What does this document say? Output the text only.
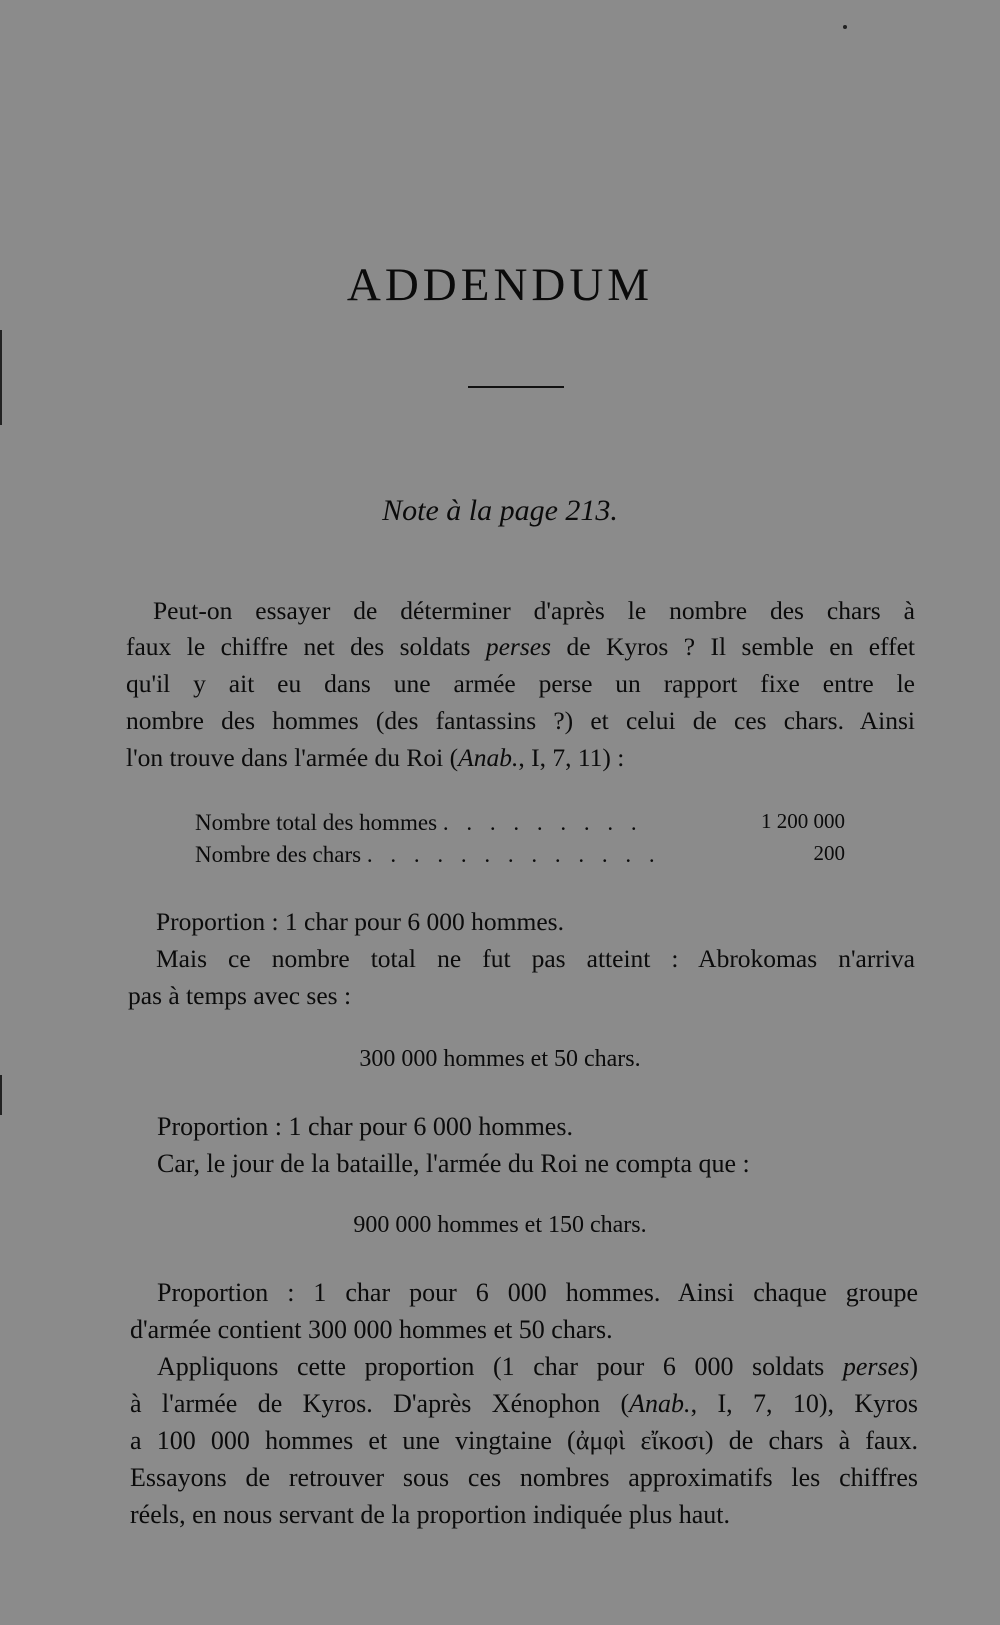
ADDENDUM
Note à la page 213.
Peut-on essayer de déterminer d'après le nombre des chars à
faux le chiffre net des soldats perses de Kyros ? Il semble en effet
qu'il y ait eu dans une armée perse un rapport fixe entre le
nombre des hommes (des fantassins ?) et celui de ces chars. Ainsi
l'on trouve dans l'armée du Roi (Anab., I, 7, 11) :
Nombre total des hommes . . . . . . . . .	1 200 000
Nombre des chars . . . . . . . . . . . . .	200
Proportion : 1 char pour 6 000 hommes.
Mais ce nombre total ne fut pas atteint : Abrokomas n'arriva
pas à temps avec ses :
300 000 hommes et 50 chars.
Proportion : 1 char pour 6 000 hommes.
Car, le jour de la bataille, l'armée du Roi ne compta que :
900 000 hommes et 150 chars.
Proportion : 1 char pour 6 000 hommes. Ainsi chaque groupe
d'armée contient 300 000 hommes et 50 chars.
Appliquons cette proportion (1 char pour 6 000 soldats perses)
à l'armée de Kyros. D'après Xénophon (Anab., I, 7, 10), Kyros
a 100 000 hommes et une vingtaine (ἀμφὶ εἴκοσι) de chars à faux.
Essayons de retrouver sous ces nombres approximatifs les chiffres
réels, en nous servant de la proportion indiquée plus haut.
